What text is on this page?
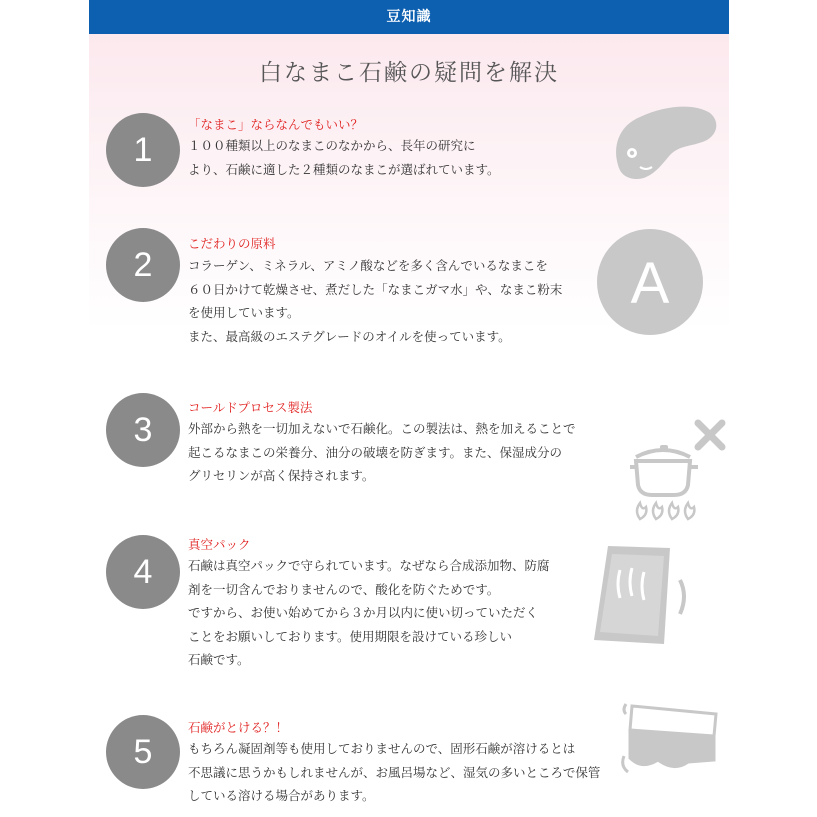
豆知識
白なまこ石鹸の疑問を解決
1
「なまこ」ならなんでもいい？
１００種類以上のなまこのなかから、長年の研究に
より、石鹸に適した２種類のなまこが選ばれています。
2
こだわりの原料
コラーゲン、ミネラル、アミノ酸などを多く含んでいるなまこを
６０日かけて乾燥させ、煮だした「なまこガマ水」や、なまこ粉末
を使用しています。
また、最高級のエステグレードのオイルを使っています。
A
3
コールドプロセス製法
外部から熱を一切加えないで石鹸化。この製法は、熱を加えることで
起こるなまこの栄養分、油分の破壊を防ぎます。また、保湿成分の
グリセリンが高く保持されます。
4
真空パック
石鹸は真空パックで守られています。なぜなら合成添加物、防腐
剤を一切含んでおりませんので、酸化を防ぐためです。
ですから、お使い始めてから３か月以内に使い切っていただく
ことをお願いしております。使用期限を設けている珍しい
石鹸です。
5
石鹸がとける？！
もちろん凝固剤等も使用しておりませんので、固形石鹸が溶けるとは
不思議に思うかもしれませんが、お風呂場など、湿気の多いところで保管
している溶ける場合があります。
